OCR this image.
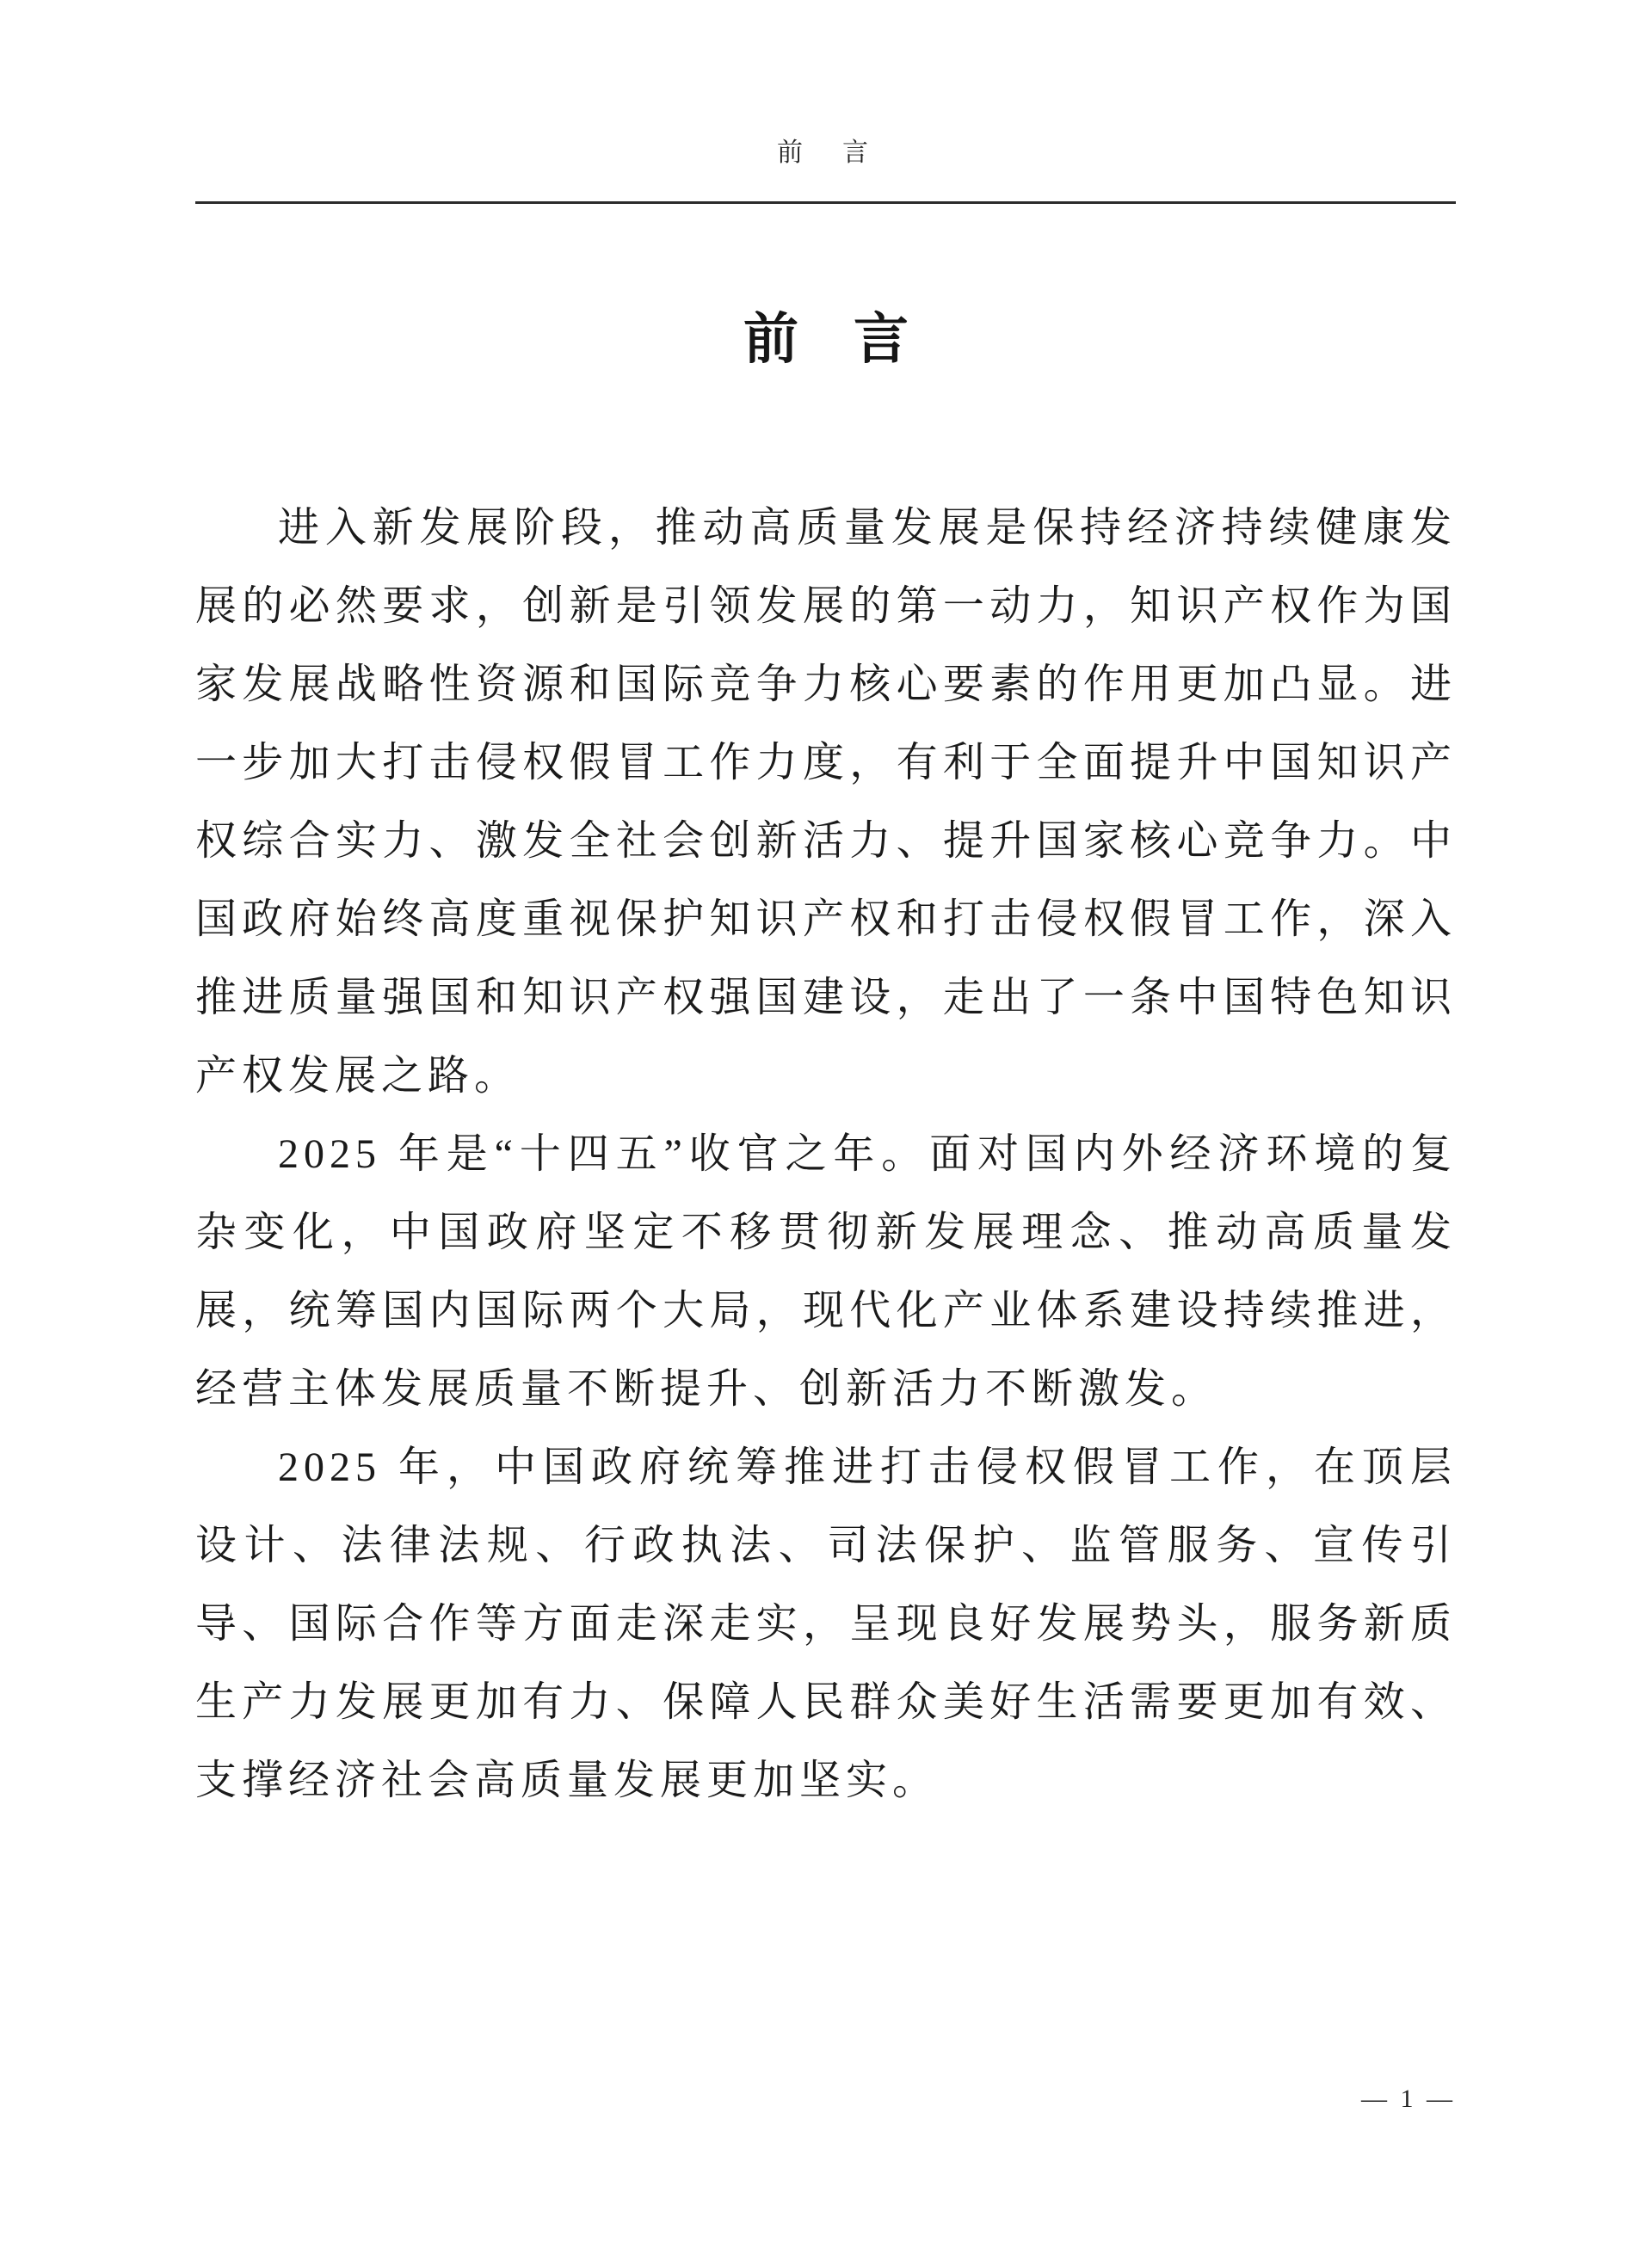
前　言
前　言

进入新发展阶段，推动高质量发展是保持经济持续健康发展的必然要求，创新是引领发展的第一动力，知识产权作为国家发展战略性资源和国际竞争力核心要素的作用更加凸显。进一步加大打击侵权假冒工作力度，有利于全面提升中国知识产权综合实力、激发全社会创新活力、提升国家核心竞争力。中国政府始终高度重视保护知识产权和打击侵权假冒工作，深入推进质量强国和知识产权强国建设，走出了一条中国特色知识产权发展之路。

2025 年是“十四五”收官之年。面对国内外经济环境的复杂变化，中国政府坚定不移贯彻新发展理念、推动高质量发展，统筹国内国际两个大局，现代化产业体系建设持续推进，经营主体发展质量不断提升、创新活力不断激发。

2025 年，中国政府统筹推进打击侵权假冒工作，在顶层设计、法律法规、行政执法、司法保护、监管服务、宣传引导、国际合作等方面走深走实，呈现良好发展势头，服务新质生产力发展更加有力、保障人民群众美好生活需要更加有效、支撑经济社会高质量发展更加坚实。

— 1 —
